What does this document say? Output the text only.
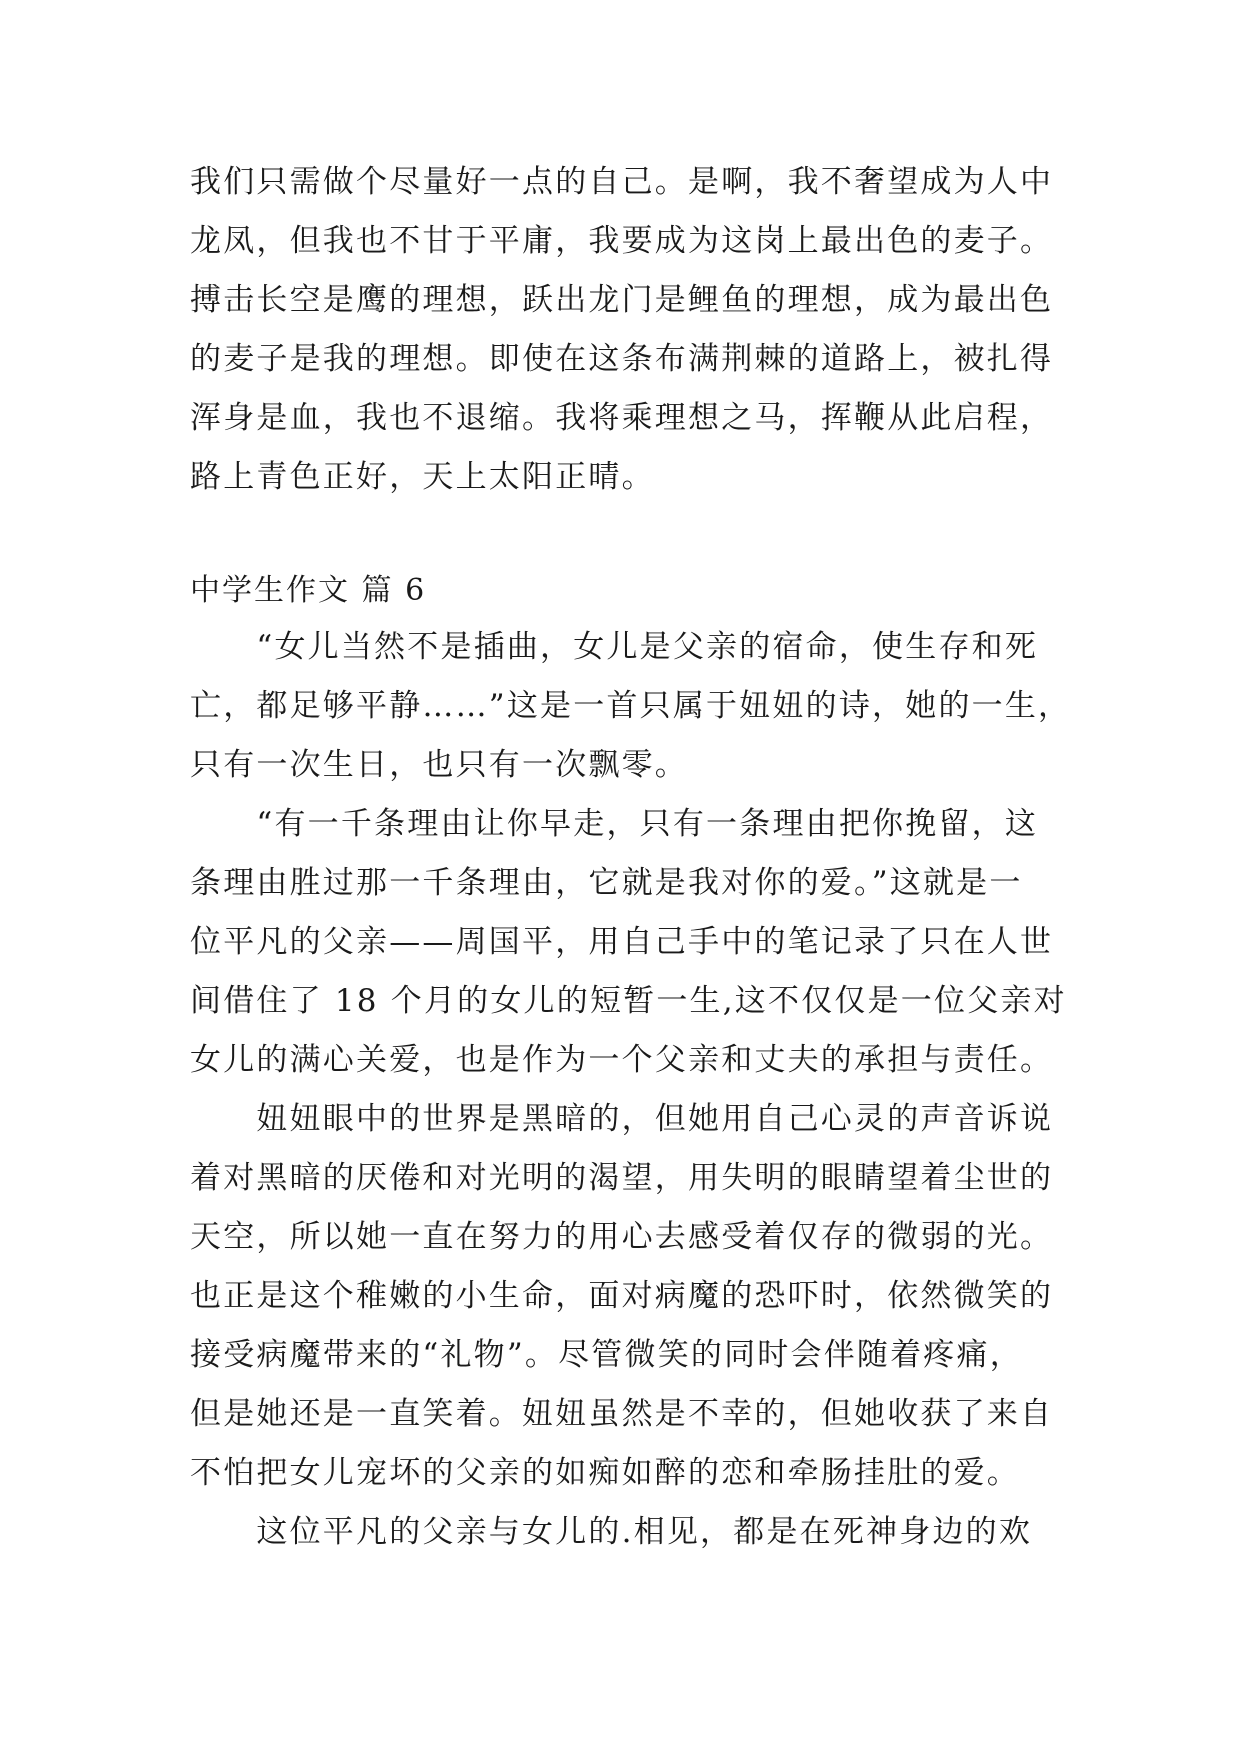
我们只需做个尽量好一点的自己。是啊，我不奢望成为人中
龙凤，但我也不甘于平庸，我要成为这岗上最出色的麦子。
搏击长空是鹰的理想，跃出龙门是鲤鱼的理想，成为最出色
的麦子是我的理想。即使在这条布满荆棘的道路上，被扎得
浑身是血，我也不退缩。我将乘理想之马，挥鞭从此启程，
路上青色正好，天上太阳正晴。
中学生作文 篇 6
　　“女儿当然不是插曲，女儿是父亲的宿命，使生存和死
亡，都足够平静……”这是一首只属于妞妞的诗，她的一生，
只有一次生日，也只有一次飘零。
　　“有一千条理由让你早走，只有一条理由把你挽留，这
条理由胜过那一千条理由，它就是我对你的爱。”这就是一
位平凡的父亲——周国平，用自己手中的笔记录了只在人世
间借住了 18 个月的女儿的短暂一生,这不仅仅是一位父亲对
女儿的满心关爱，也是作为一个父亲和丈夫的承担与责任。
　　妞妞眼中的世界是黑暗的，但她用自己心灵的声音诉说
着对黑暗的厌倦和对光明的渴望，用失明的眼睛望着尘世的
天空，所以她一直在努力的用心去感受着仅存的微弱的光。
也正是这个稚嫩的小生命，面对病魔的恐吓时，依然微笑的
接受病魔带来的“礼物”。尽管微笑的同时会伴随着疼痛，
但是她还是一直笑着。妞妞虽然是不幸的，但她收获了来自
不怕把女儿宠坏的父亲的如痴如醉的恋和牵肠挂肚的爱。
　　这位平凡的父亲与女儿的.相见，都是在死神身边的欢
